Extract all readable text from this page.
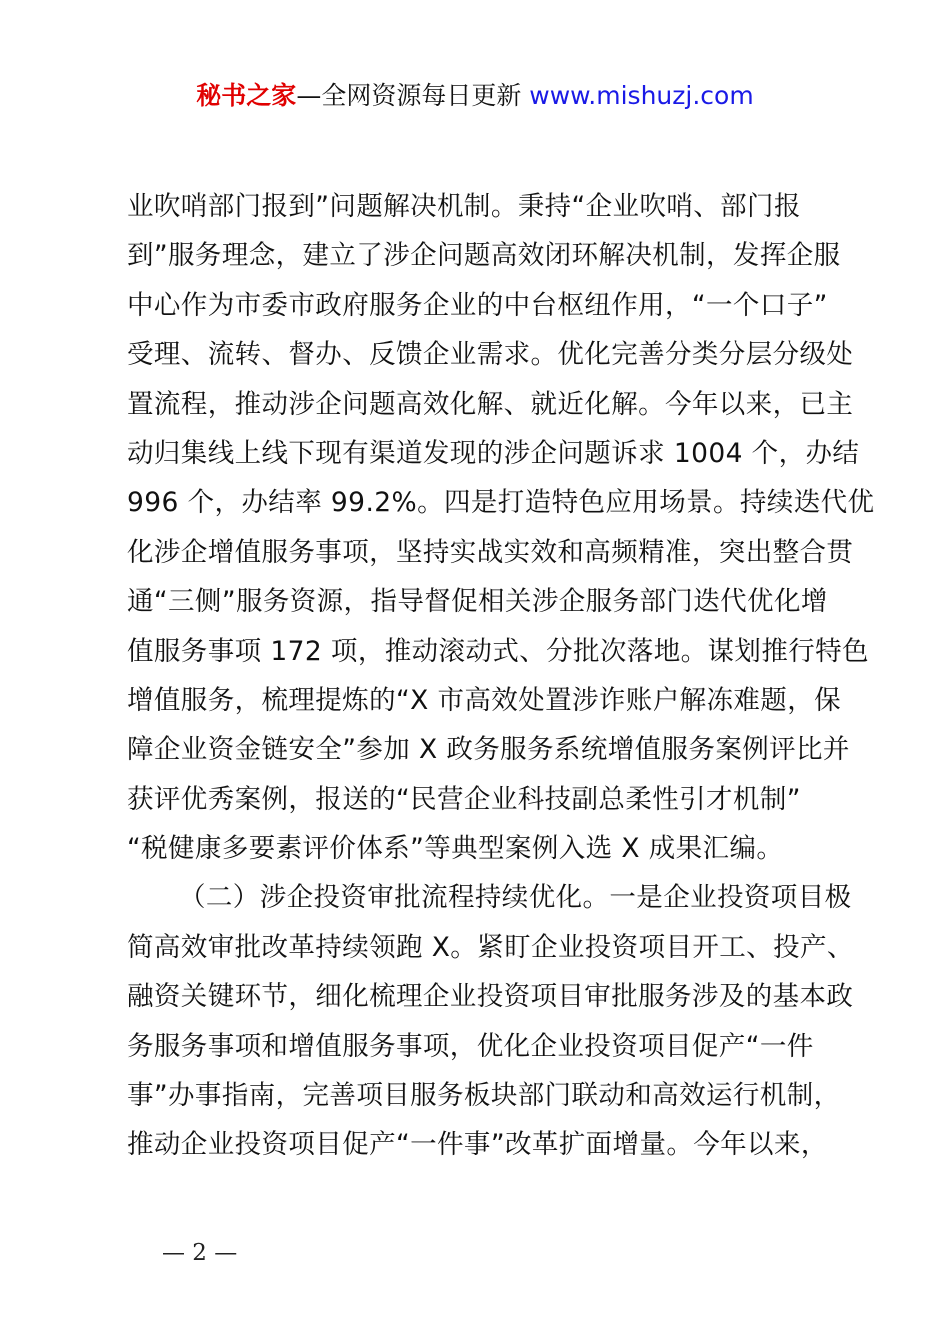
秘书之家—全网资源每日更新 www.mishuzj.com
业吹哨部门报到”问题解决机制。秉持“企业吹哨、部门报
到”服务理念，建立了涉企问题高效闭环解决机制，发挥企服
中心作为市委市政府服务企业的中台枢纽作用，“一个口子”
受理、流转、督办、反馈企业需求。优化完善分类分层分级处
置流程，推动涉企问题高效化解、就近化解。今年以来，已主
动归集线上线下现有渠道发现的涉企问题诉求 1004 个，办结
996 个，办结率 99.2%。四是打造特色应用场景。持续迭代优
化涉企增值服务事项，坚持实战实效和高频精准，突出整合贯
通“三侧”服务资源，指导督促相关涉企服务部门迭代优化增
值服务事项 172 项，推动滚动式、分批次落地。谋划推行特色
增值服务，梳理提炼的“X 市高效处置涉诈账户解冻难题，保
障企业资金链安全”参加 X 政务服务系统增值服务案例评比并
获评优秀案例，报送的“民营企业科技副总柔性引才机制”
“税健康多要素评价体系”等典型案例入选 X 成果汇编。
（二）涉企投资审批流程持续优化。一是企业投资项目极
简高效审批改革持续领跑 X。紧盯企业投资项目开工、投产、
融资关键环节，细化梳理企业投资项目审批服务涉及的基本政
务服务事项和增值服务事项，优化企业投资项目促产“一件
事”办事指南，完善项目服务板块部门联动和高效运行机制，
推动企业投资项目促产“一件事”改革扩面增量。今年以来，
— 2 —
